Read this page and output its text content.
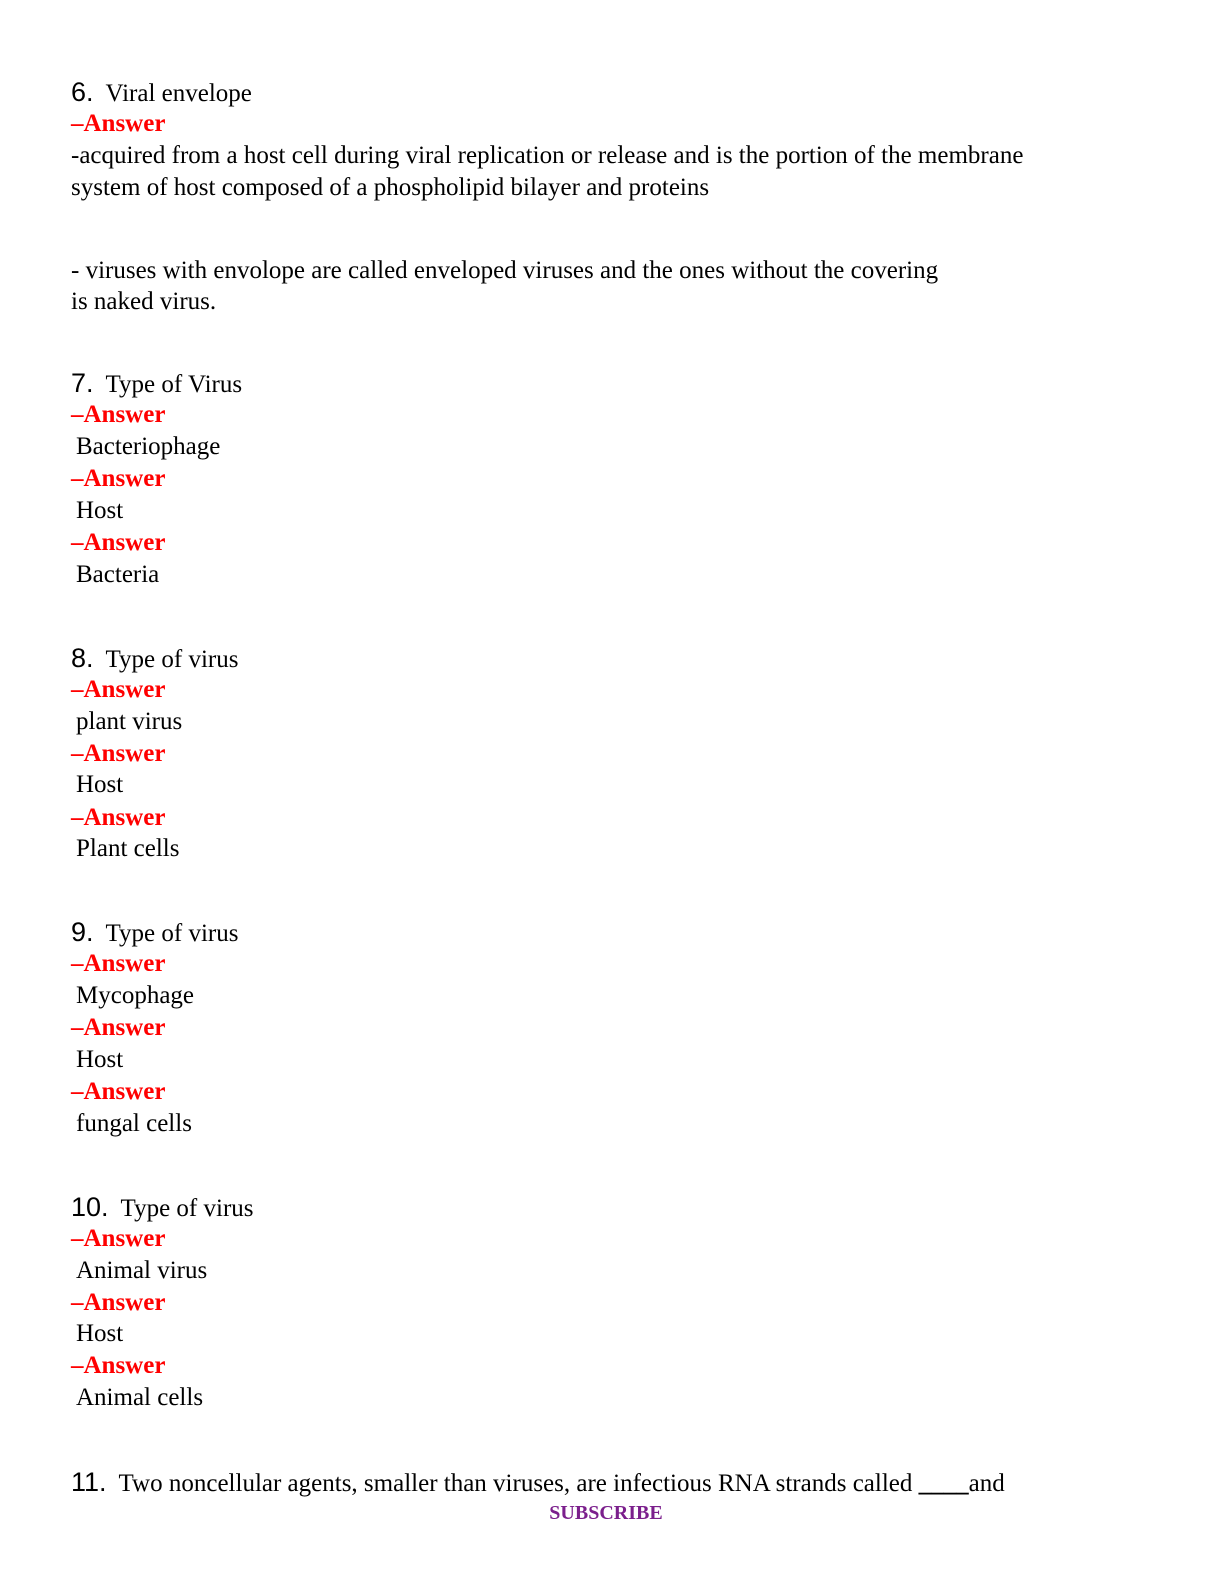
6. Viral envelope
–Answer
-acquired from a host cell during viral replication or release and is the portion of the membrane
system of host composed of a phospholipid bilayer and proteins
- viruses with envolope are called enveloped viruses and the ones without the covering
is naked virus.
7. Type of Virus
–Answer
Bacteriophage
–Answer
Host
–Answer
Bacteria
8. Type of virus
–Answer
plant virus
–Answer
Host
–Answer
Plant cells
9. Type of virus
–Answer
Mycophage
–Answer
Host
–Answer
fungal cells
10. Type of virus
–Answer
Animal virus
–Answer
Host
–Answer
Animal cells
11. Two noncellular agents, smaller than viruses, are infectious RNA strands called ____and
SUBSCRIBE
